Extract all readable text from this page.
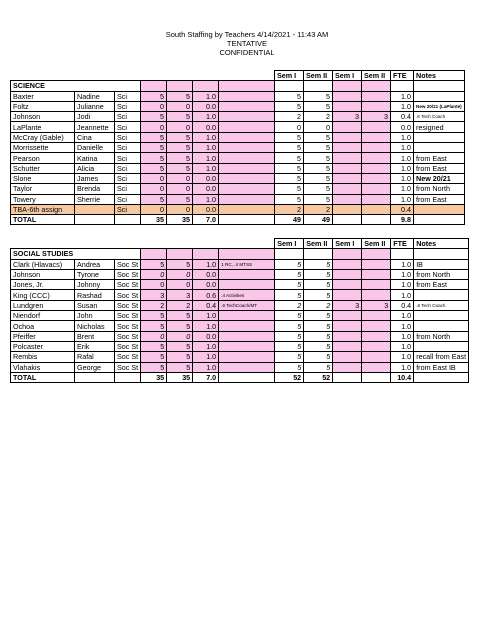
South Staffing by Teachers 4/14/2021 - 11:43 AM
TENTATIVE
CONFIDENTIAL
							Sem I	Sem II	Sem I	Sem II	FTE	Notes
SCIENCE												
Baxter	Nadine	Sci	5	5	1.0		5	5			1.0	
Foltz	Julianne	Sci	0	0	0.0		5	5			1.0	New 20/21 (LaPlante)
Johnson	Jodi	Sci	5	5	1.0		2	2	3	3	0.4	.6 Tech Coach
LaPlante	Jeannette	Sci	0	0	0.0		0	0			0.0	resigned
McCray (Gable)	Cina	Sci	5	5	1.0		5	5			1.0	
Morrissette	Danielle	Sci	5	5	1.0		5	5			1.0	
Pearson	Katina	Sci	5	5	1.0		5	5			1.0	from East
Schutter	Alicia	Sci	5	5	1.0		5	5			1.0	from East
Slone	James	Sci	0	0	0.0		5	5			1.0	New 20/21
Taylor	Brenda	Sci	0	0	0.0		5	5			1.0	from North
Towery	Sherrie	Sci	5	5	1.0		5	5			1.0	from East
TBA-6th assign		Sci	0	0	0.0		2	2			0.4	
TOTAL			35	35	7.0		49	49			9.8	
							Sem I	Sem II	Sem I	Sem II	FTE	Notes
SOCIAL STUDIES												
Clark (Hlavacs)	Andrea	Soc St	5	5	1.0	1 RC, .4 MTSS	5	5			1.0	IB
Johnson	Tyrone	Soc St	0	0	0.0		5	5			1.0	from North
Jones, Jr.	Johnny	Soc St	0	0	0.0		5	5			1.0	from East
King (CCC)	Rashad	Soc St	3	3	0.6	.4 Activities	5	5			1.0	
Lundgren	Susan	Soc St	2	2	0.4	.6 TechCoach/MT	2	2	3	3	0.4	.6 Tech Coach
Niendorf	John	Soc St	5	5	1.0		5	5			1.0	
Ochoa	Nicholas	Soc St	5	5	1.0		5	5			1.0	
Pfeiffer	Brent	Soc St	0	0	0.0		5	5			1.0	from North
Polcaster	Erik	Soc St	5	5	1.0		5	5			1.0	
Rembis	Rafal	Soc St	5	5	1.0		5	5			1.0	recall from East
Vlahakis	George	Soc St	5	5	1.0		5	5			1.0	from East IB
TOTAL			35	35	7.0		52	52			10.4	
